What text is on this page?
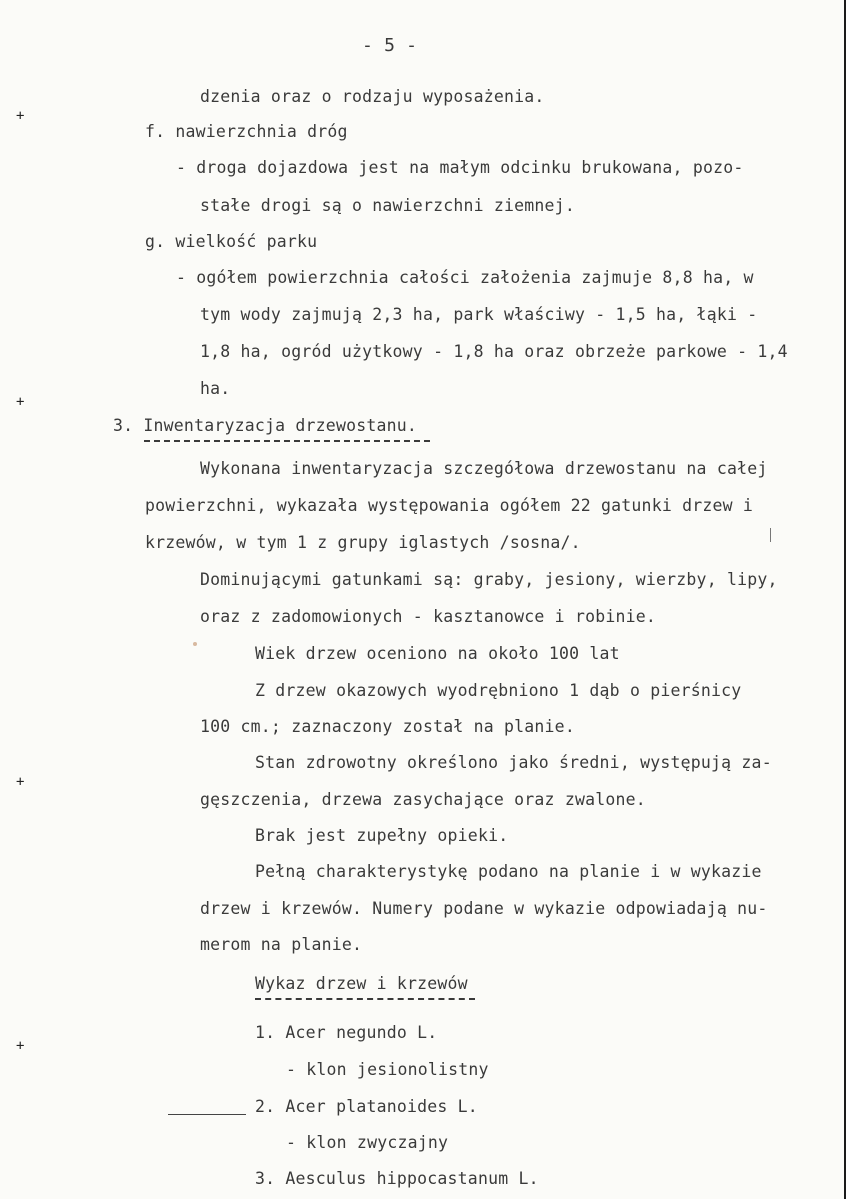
- 5 -
+
+
+
+
dzenia oraz o rodzaju wyposażenia.
f. nawierzchnia dróg
- droga dojazdowa jest na małym odcinku brukowana, pozo-
stałe drogi są o nawierzchni ziemnej.
g. wielkość parku
- ogółem powierzchnia całości założenia zajmuje 8,8 ha, w
tym wody zajmują 2,3 ha, park właściwy - 1,5 ha, łąki -
1,8 ha, ogród użytkowy - 1,8 ha oraz obrzeże parkowe - 1,4
ha.
3. Inwentaryzacja drzewostanu.
Wykonana inwentaryzacja szczegółowa drzewostanu na całej
powierzchni, wykazała występowania ogółem 22 gatunki drzew i
krzewów, w tym 1 z grupy iglastych /sosna/.
Dominującymi gatunkami są: graby, jesiony, wierzby, lipy,
oraz z zadomowionych - kasztanowce i robinie.
Wiek drzew oceniono na około 100 lat
Z drzew okazowych wyodrębniono 1 dąb o pierśnicy
100 cm.; zaznaczony został na planie.
Stan zdrowotny określono jako średni, występują za-
gęszczenia, drzewa zasychające oraz zwalone.
Brak jest zupełny opieki.
Pełną charakterystykę podano na planie i w wykazie
drzew i krzewów. Numery podane w wykazie odpowiadają nu-
merom na planie.
Wykaz drzew i krzewów
1. Acer negundo L.
- klon jesionolistny
2. Acer platanoides L.
- klon zwyczajny
3. Aesculus hippocastanum L.
